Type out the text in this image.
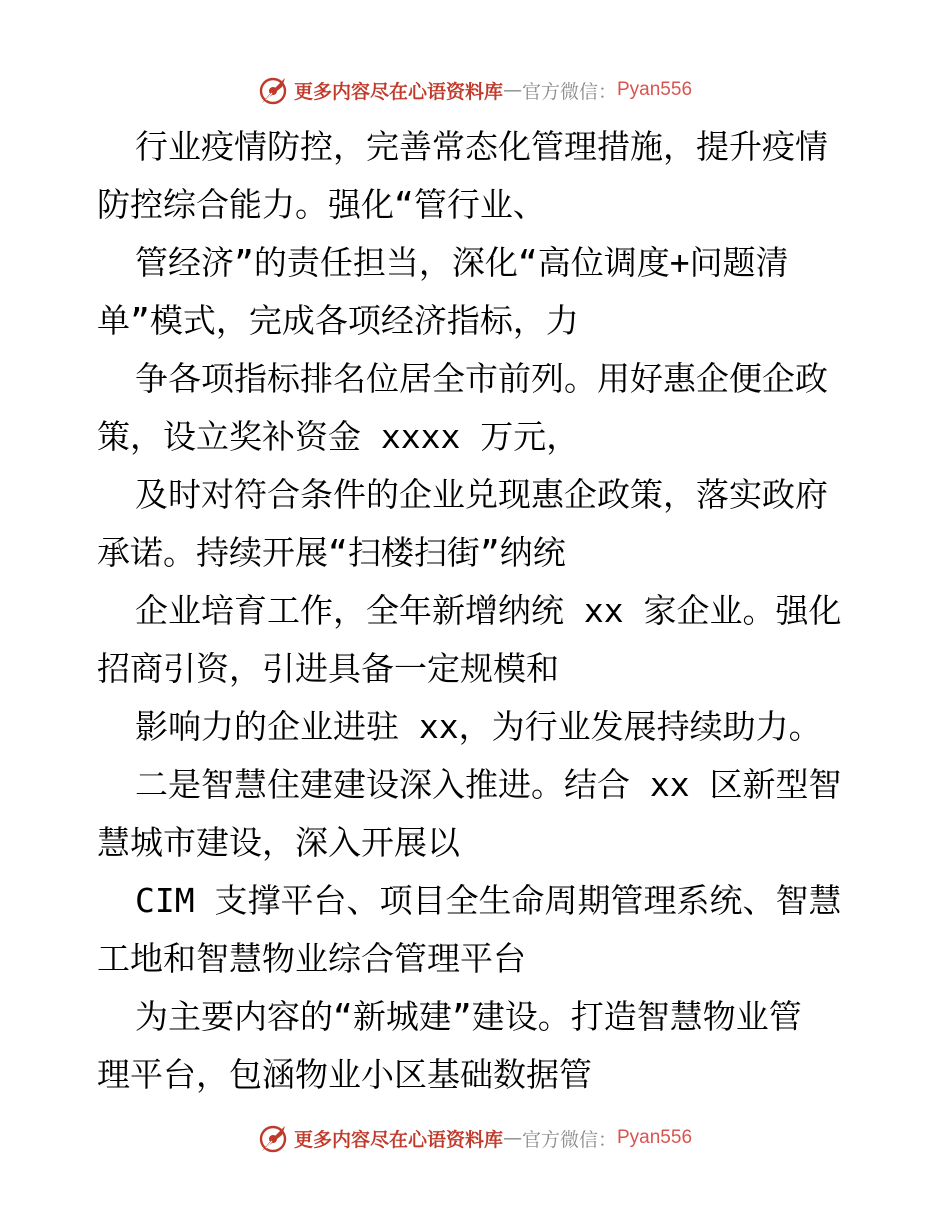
更多内容尽在心语资料库 — 官方微信： Pyan556
行业疫情防控，完善常态化管理措施，提升疫情
防控综合能力。强化“管行业、
管经济”的责任担当，深化“高位调度+问题清
单”模式，完成各项经济指标，力
争各项指标排名位居全市前列。用好惠企便企政
策，设立奖补资金 xxxx 万元，
及时对符合条件的企业兑现惠企政策，落实政府
承诺。持续开展“扫楼扫街”纳统
企业培育工作，全年新增纳统 xx 家企业。强化
招商引资，引进具备一定规模和
影响力的企业进驻 xx，为行业发展持续助力。
二是智慧住建建设深入推进。结合 xx 区新型智
慧城市建设，深入开展以
CIM 支撑平台、项目全生命周期管理系统、智慧
工地和智慧物业综合管理平台
为主要内容的“新城建”建设。打造智慧物业管
理平台，包涵物业小区基础数据管
更多内容尽在心语资料库 — 官方微信： Pyan556
